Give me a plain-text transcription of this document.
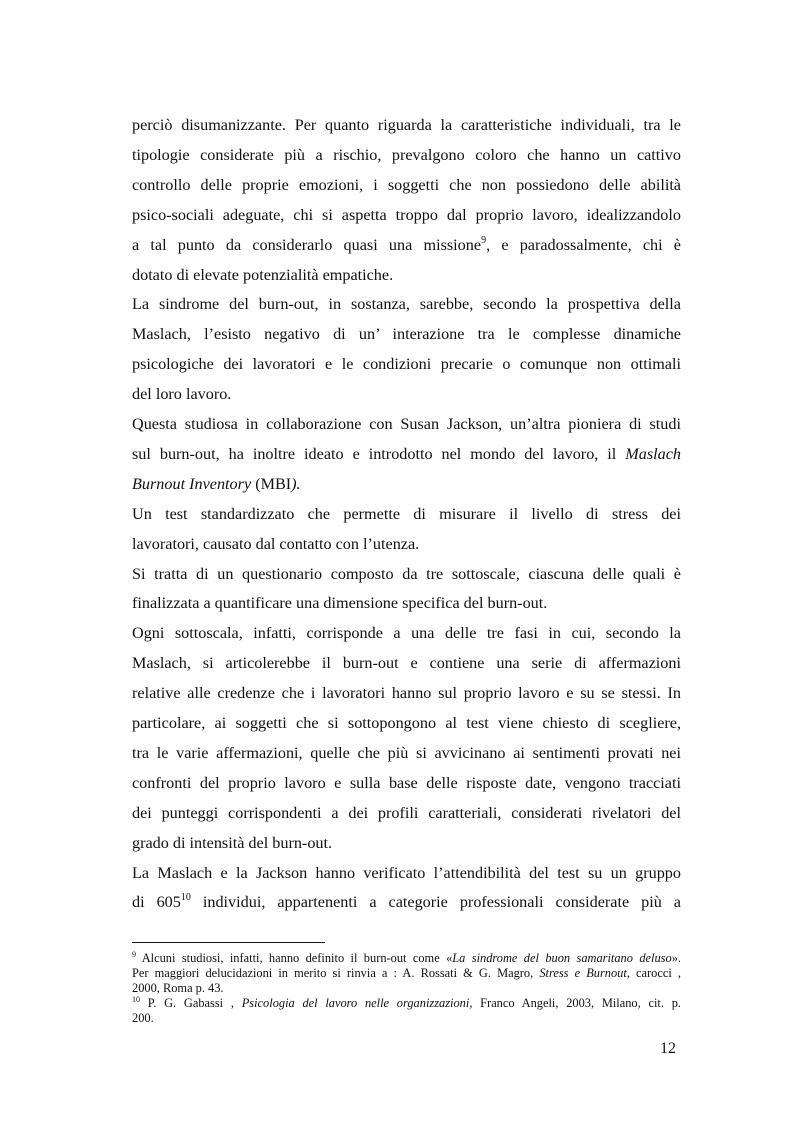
perciò disumanizzante. Per quanto riguarda la caratteristiche individuali, tra le
tipologie considerate più a rischio, prevalgono coloro che hanno un cattivo
controllo delle proprie emozioni, i soggetti che non possiedono delle abilità
psico-sociali adeguate, chi si aspetta troppo dal proprio lavoro, idealizzandolo
a tal punto da considerarlo quasi una missione$^9$, e paradossalmente, chi è
dotato di elevate potenzialità empatiche.
La sindrome del burn-out, in sostanza, sarebbe, secondo la prospettiva della
Maslach, l’esisto negativo di un’ interazione tra le complesse dinamiche
psicologiche dei lavoratori e le condizioni precarie o comunque non ottimali
del loro lavoro.
Questa studiosa in collaborazione con Susan Jackson, un’altra pioniera di studi
sul burn-out, ha inoltre ideato e introdotto nel mondo del lavoro, il Maslach
Burnout Inventory (MBI).
Un test standardizzato che permette di misurare il livello di stress dei
lavoratori, causato dal contatto con l’utenza.
Si tratta di un questionario composto da tre sottoscale, ciascuna delle quali è
finalizzata a quantificare una dimensione specifica del burn-out.
Ogni sottoscala, infatti, corrisponde a una delle tre fasi in cui, secondo la
Maslach, si articolerebbe il burn-out e contiene una serie di affermazioni
relative alle credenze che i lavoratori hanno sul proprio lavoro e su se stessi. In
particolare, ai soggetti che si sottopongono al test viene chiesto di scegliere,
tra le varie affermazioni, quelle che più si avvicinano ai sentimenti provati nei
confronti del proprio lavoro e sulla base delle risposte date, vengono tracciati
dei punteggi corrispondenti a dei profili caratteriali, considerati rivelatori del
grado di intensità del burn-out.
La Maslach e la Jackson hanno verificato l’attendibilità del test su un gruppo
di $605^{10}$ individui, appartenenti a categorie professionali considerate più a
$^9$ Alcuni studiosi, infatti, hanno definito il burn-out come «La sindrome del buon samaritano deluso».
Per maggiori delucidazioni in merito si rinvia a : A. Rossati & G. Magro, Stress e Burnout, carocci ,
2000, Roma p. 43.
$^{10}$ P. G. Gabassi , Psicologia del lavoro nelle organizzazioni, Franco Angeli, 2003, Milano, cit. p.
200.
12
